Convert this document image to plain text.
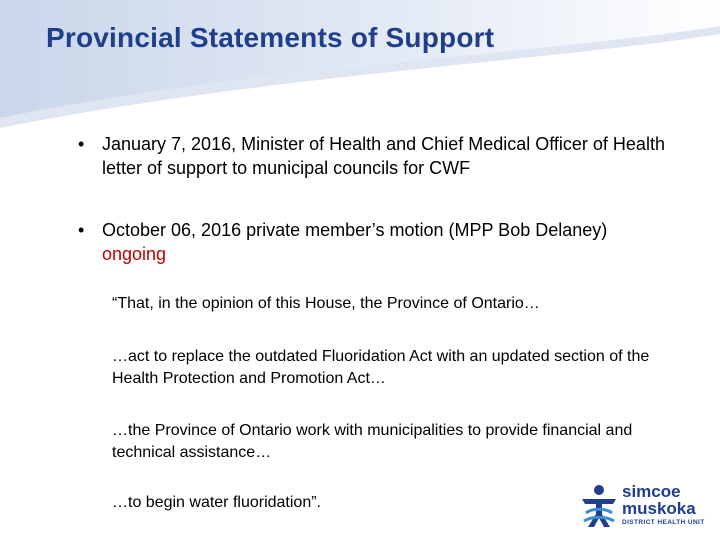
Provincial Statements of Support
• January 7, 2016, Minister of Health and Chief Medical Officer of Health letter of support to municipal councils for CWF
• October 06, 2016 private member’s motion (MPP Bob Delaney)
ongoing
“That, in the opinion of this House, the Province of Ontario…
…act to replace the outdated Fluoridation Act with an updated section of the Health Protection and Promotion Act…
…the Province of Ontario work with municipalities to provide financial and technical assistance…
…to begin water fluoridation”.
simcoe
muskoka
DISTRICT HEALTH UNIT
